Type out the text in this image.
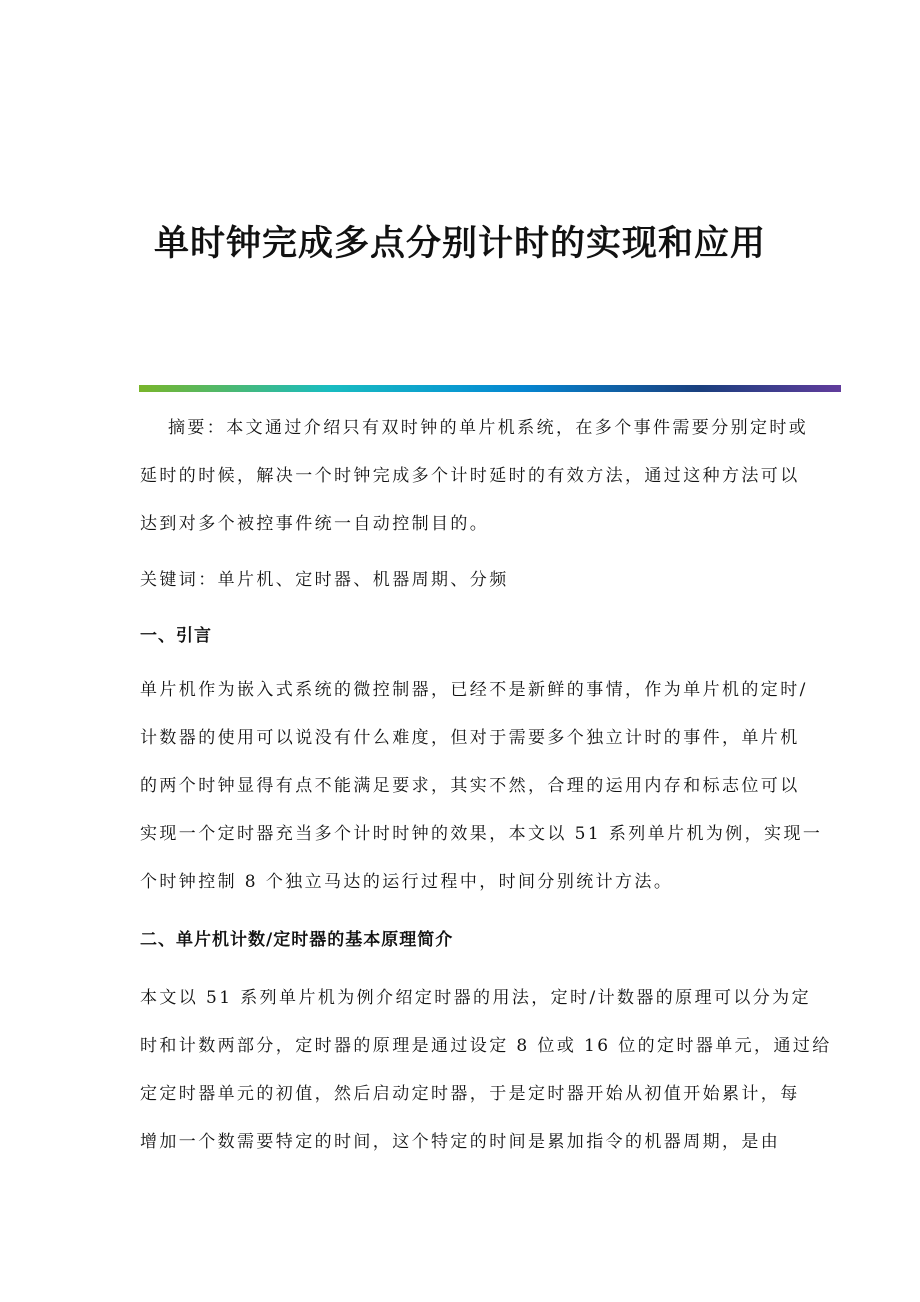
单时钟完成多点分别计时的实现和应用
摘要：本文通过介绍只有双时钟的单片机系统，在多个事件需要分别定时或
延时的时候，解决一个时钟完成多个计时延时的有效方法，通过这种方法可以
达到对多个被控事件统一自动控制目的。
关键词：单片机、定时器、机器周期、分频
一、引言
单片机作为嵌入式系统的微控制器，已经不是新鲜的事情，作为单片机的定时/
计数器的使用可以说没有什么难度，但对于需要多个独立计时的事件，单片机
的两个时钟显得有点不能满足要求，其实不然，合理的运用内存和标志位可以
实现一个定时器充当多个计时时钟的效果，本文以 51 系列单片机为例，实现一
个时钟控制 8 个独立马达的运行过程中，时间分别统计方法。
二、单片机计数/定时器的基本原理简介
本文以 51 系列单片机为例介绍定时器的用法，定时/计数器的原理可以分为定
时和计数两部分，定时器的原理是通过设定 8 位或 16 位的定时器单元，通过给
定定时器单元的初值，然后启动定时器，于是定时器开始从初值开始累计，每
增加一个数需要特定的时间，这个特定的时间是累加指令的机器周期，是由
